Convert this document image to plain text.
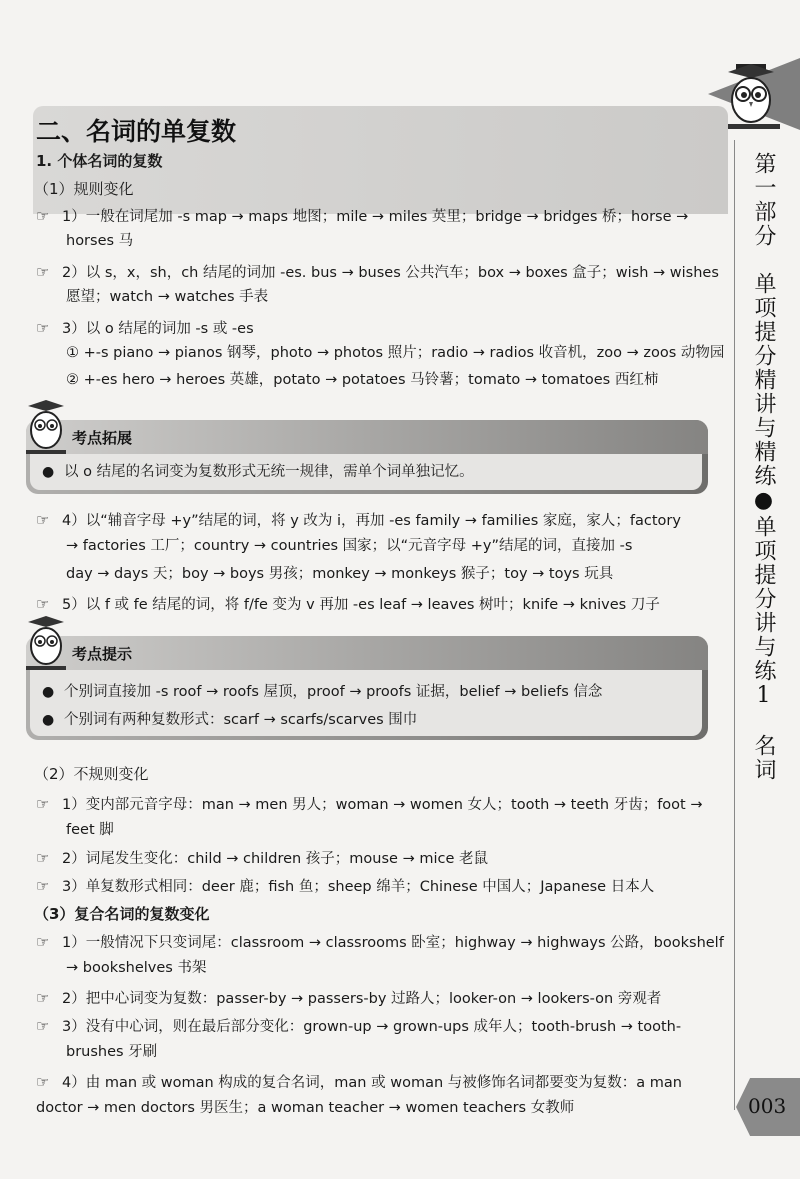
第一部分　单项提分精讲与精练●单项提分讲与练1　名词
003
二、名词的单复数

1. 个体名词的复数

（1）规则变化

☞ 1）一般在词尾加 -s map → maps 地图；mile → miles 英里；bridge → bridges 桥；horse →
horses 马
☞ 2）以 s，x，sh，ch 结尾的词加 -es. bus → buses 公共汽车；box → boxes 盒子；wish → wishes
愿望；watch → watches 手表
☞ 3）以 o 结尾的词加 -s 或 -es
① +-s piano → pianos 钢琴，photo → photos 照片；radio → radios 收音机，zoo → zoos 动物园
② +-es hero → heroes 英雄，potato → potatoes 马铃薯；tomato → tomatoes 西红柿
考点拓展
● 以 o 结尾的名词变为复数形式无统一规律，需单个词单独记忆。
☞ 4）以“辅音字母 +y”结尾的词，将 y 改为 i，再加 -es family → families 家庭，家人；factory
→ factories 工厂；country → countries 国家；以“元音字母 +y”结尾的词，直接加 -s
day → days 天；boy → boys 男孩；monkey → monkeys 猴子；toy → toys 玩具
☞ 5）以 f 或 fe 结尾的词，将 f/fe 变为 v 再加 -es leaf → leaves 树叶；knife → knives 刀子
考点提示
● 个别词直接加 -s roof → roofs 屋顶，proof → proofs 证据，belief → beliefs 信念
● 个别词有两种复数形式：scarf → scarfs/scarves 围巾
（2）不规则变化
☞ 1）变内部元音字母：man → men 男人；woman → women 女人；tooth → teeth 牙齿；foot →
feet 脚
☞ 2）词尾发生变化：child → children 孩子；mouse → mice 老鼠
☞ 3）单复数形式相同：deer 鹿；fish 鱼；sheep 绵羊；Chinese 中国人；Japanese 日本人
（3）复合名词的复数变化
☞ 1）一般情况下只变词尾：classroom → classrooms 卧室；highway → highways 公路，bookshelf
→ bookshelves 书架
☞ 2）把中心词变为复数：passer-by → passers-by 过路人；looker-on → lookers-on 旁观者
☞ 3）没有中心词，则在最后部分变化：grown-up → grown-ups 成年人；tooth-brush → tooth-
brushes 牙刷
☞ 4）由 man 或 woman 构成的复合名词，man 或 woman 与被修饰名词都要变为复数：a man
doctor → men doctors 男医生；a woman teacher → women teachers 女教师
